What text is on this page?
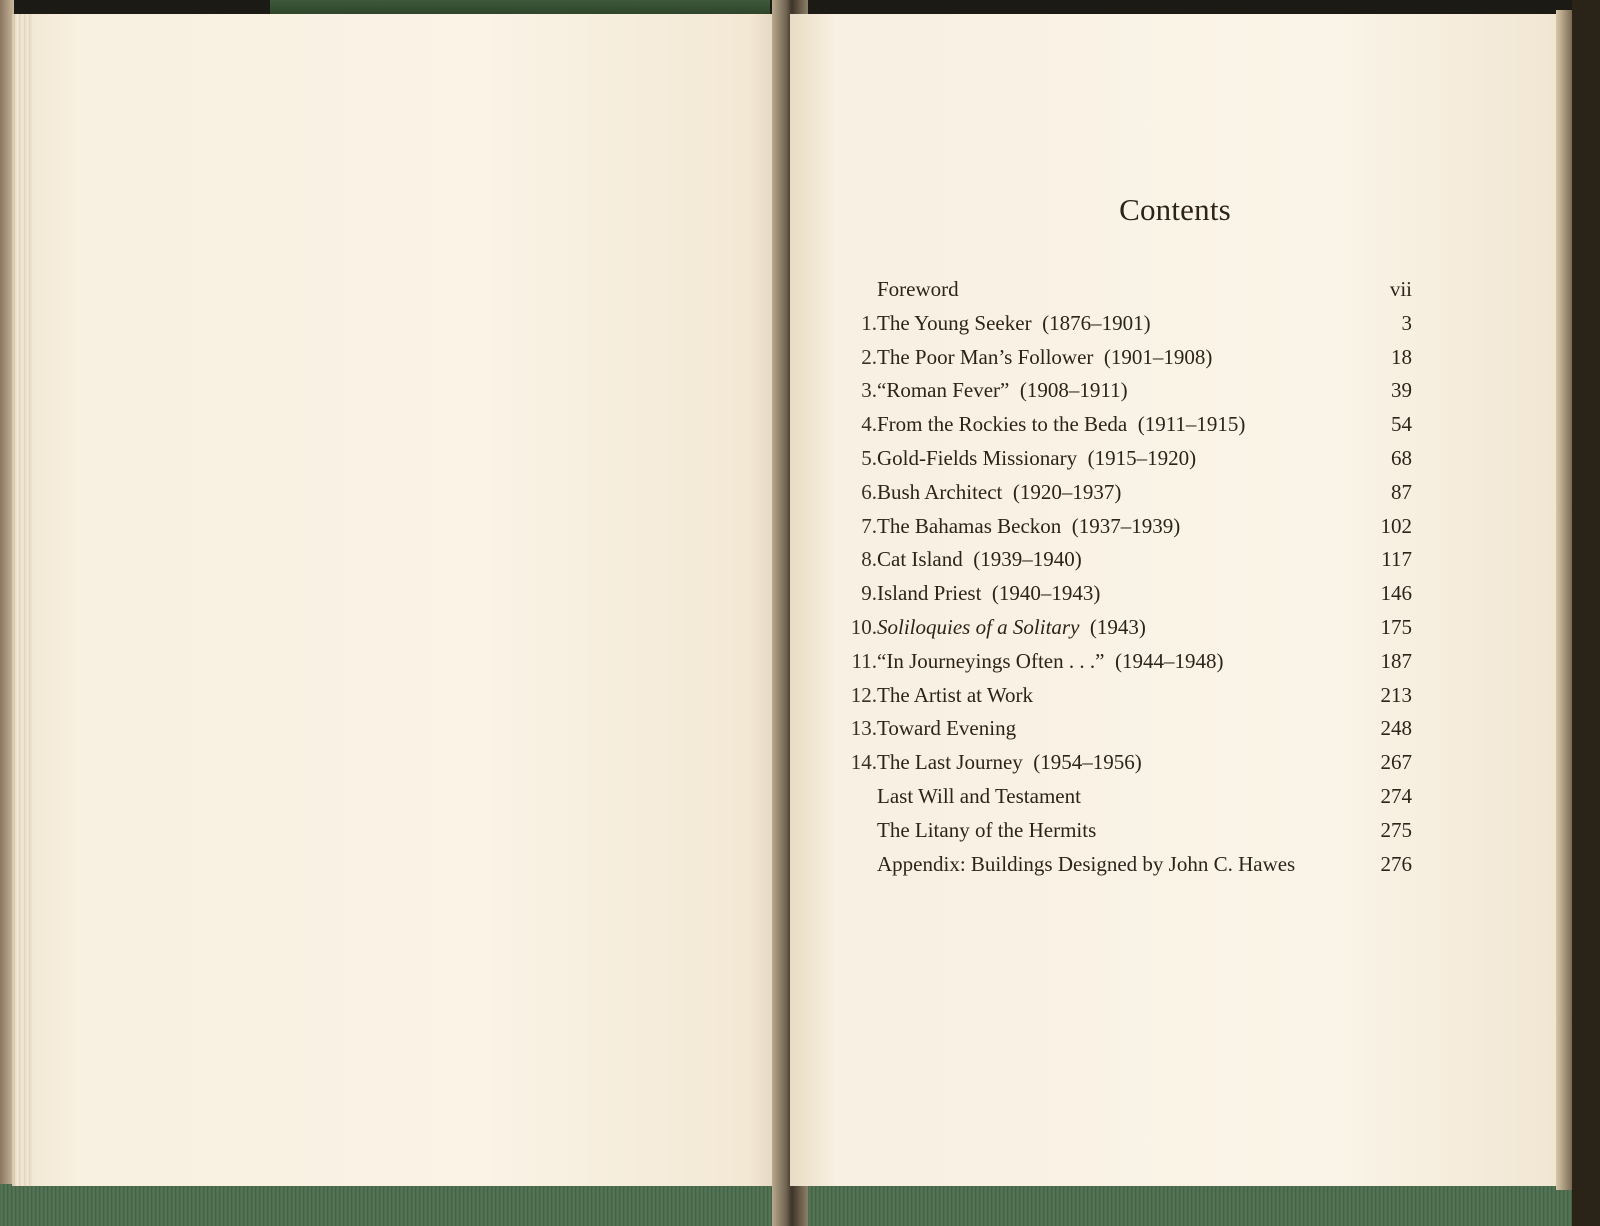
Contents
Foreword	vii
1. The Young Seeker  (1876–1901)	3
2. The Poor Man’s Follower  (1901–1908)	18
3. “Roman Fever”  (1908–1911)	39
4. From the Rockies to the Beda  (1911–1915)	54
5. Gold-Fields Missionary  (1915–1920)	68
6. Bush Architect  (1920–1937)	87
7. The Bahamas Beckon  (1937–1939)	102
8. Cat Island  (1939–1940)	117
9. Island Priest  (1940–1943)	146
10. Soliloquies of a Solitary  (1943)	175
11. “In Journeyings Often . . .”  (1944–1948)	187
12. The Artist at Work	213
13. Toward Evening	248
14. The Last Journey  (1954–1956)	267
Last Will and Testament	274
The Litany of the Hermits	275
Appendix: Buildings Designed by John C. Hawes	276
